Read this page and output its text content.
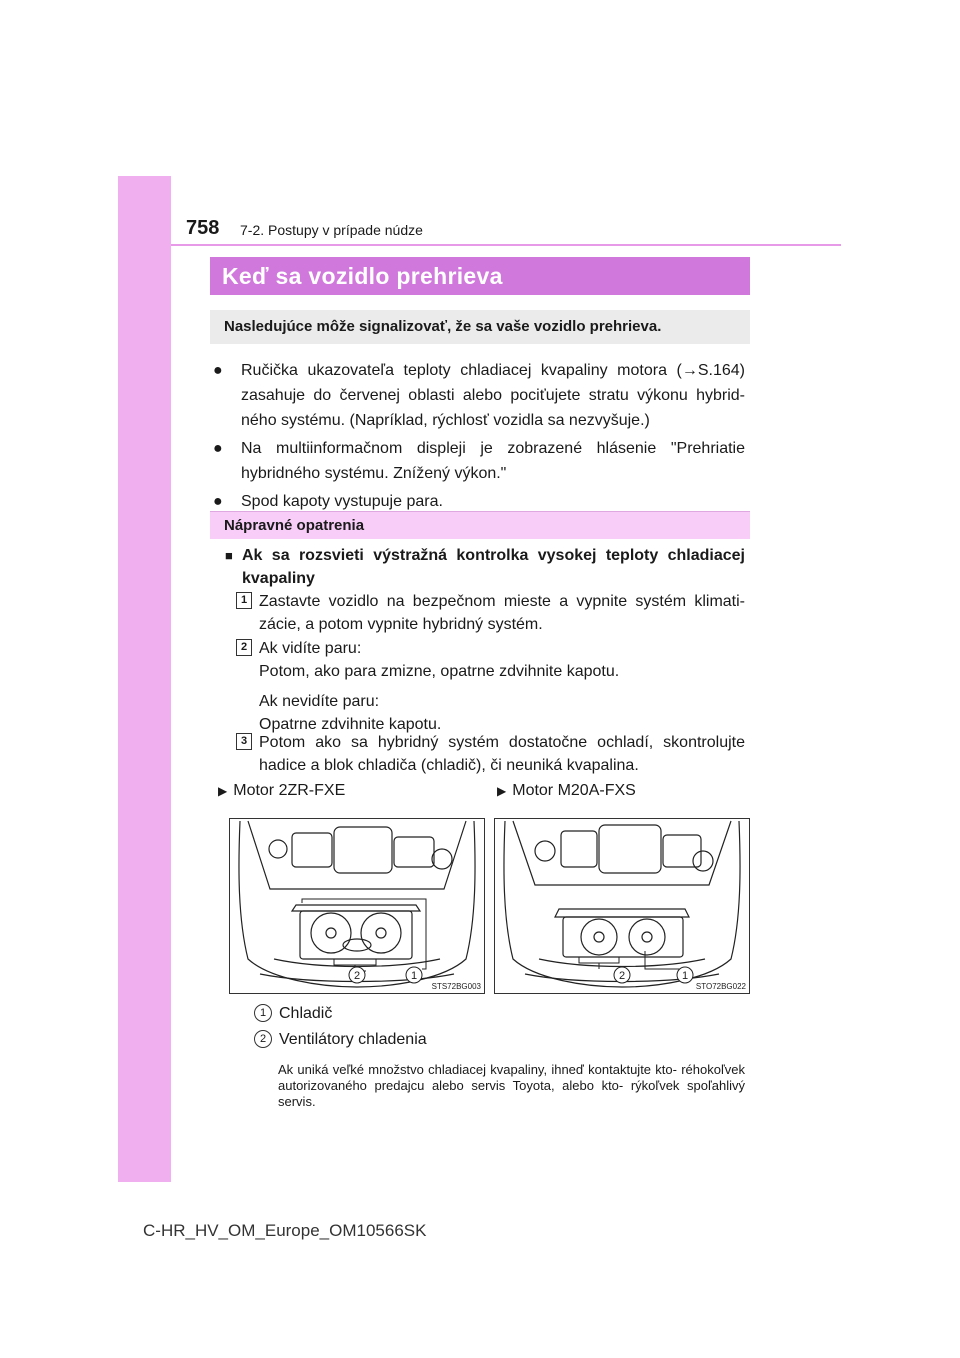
758 7-2. Postupy v prípade núdze
Keď sa vozidlo prehrieva
Nasledujúce môže signalizovať, že sa vaše vozidlo prehrieva.
● Ručička ukazovateľa teploty chladiacej kvapaliny motora (→S.164) zasahuje do červenej oblasti alebo pociťujete stratu výkonu hybrid- ného systému. (Napríklad, rýchlosť vozidla sa nezvyšuje.)
● Na multiinformačnom displeji je zobrazené hlásenie "Prehriatie hybridného systému. Znížený výkon."
● Spod kapoty vystupuje para.
Nápravné opatrenia
■ Ak sa rozsvieti výstražná kontrolka vysokej teploty chladiacej kvapaliny
1 Zastavte vozidlo na bezpečnom mieste a vypnite systém klimati- zácie, a potom vypnite hybridný systém.
2 Ak vidíte paru:
Potom, ako para zmizne, opatrne zdvihnite kapotu.
Ak nevidíte paru:
Opatrne zdvihnite kapotu.
3 Potom ako sa hybridný systém dostatočne ochladí, skontrolujte hadice a blok chladiča (chladič), či neuniká kvapalina.
▶ Motor 2ZR-FXE	▶ Motor M20A-FXS
2	1
STS72BG003
2	1
STO72BG022
1 Chladič
2 Ventilátory chladenia
Ak uniká veľké množstvo chladiacej kvapaliny, ihneď kontaktujte kto- réhokoľvek autorizovaného predajcu alebo servis Toyota, alebo kto- rýkoľvek spoľahlivý servis.
C-HR_HV_OM_Europe_OM10566SK
